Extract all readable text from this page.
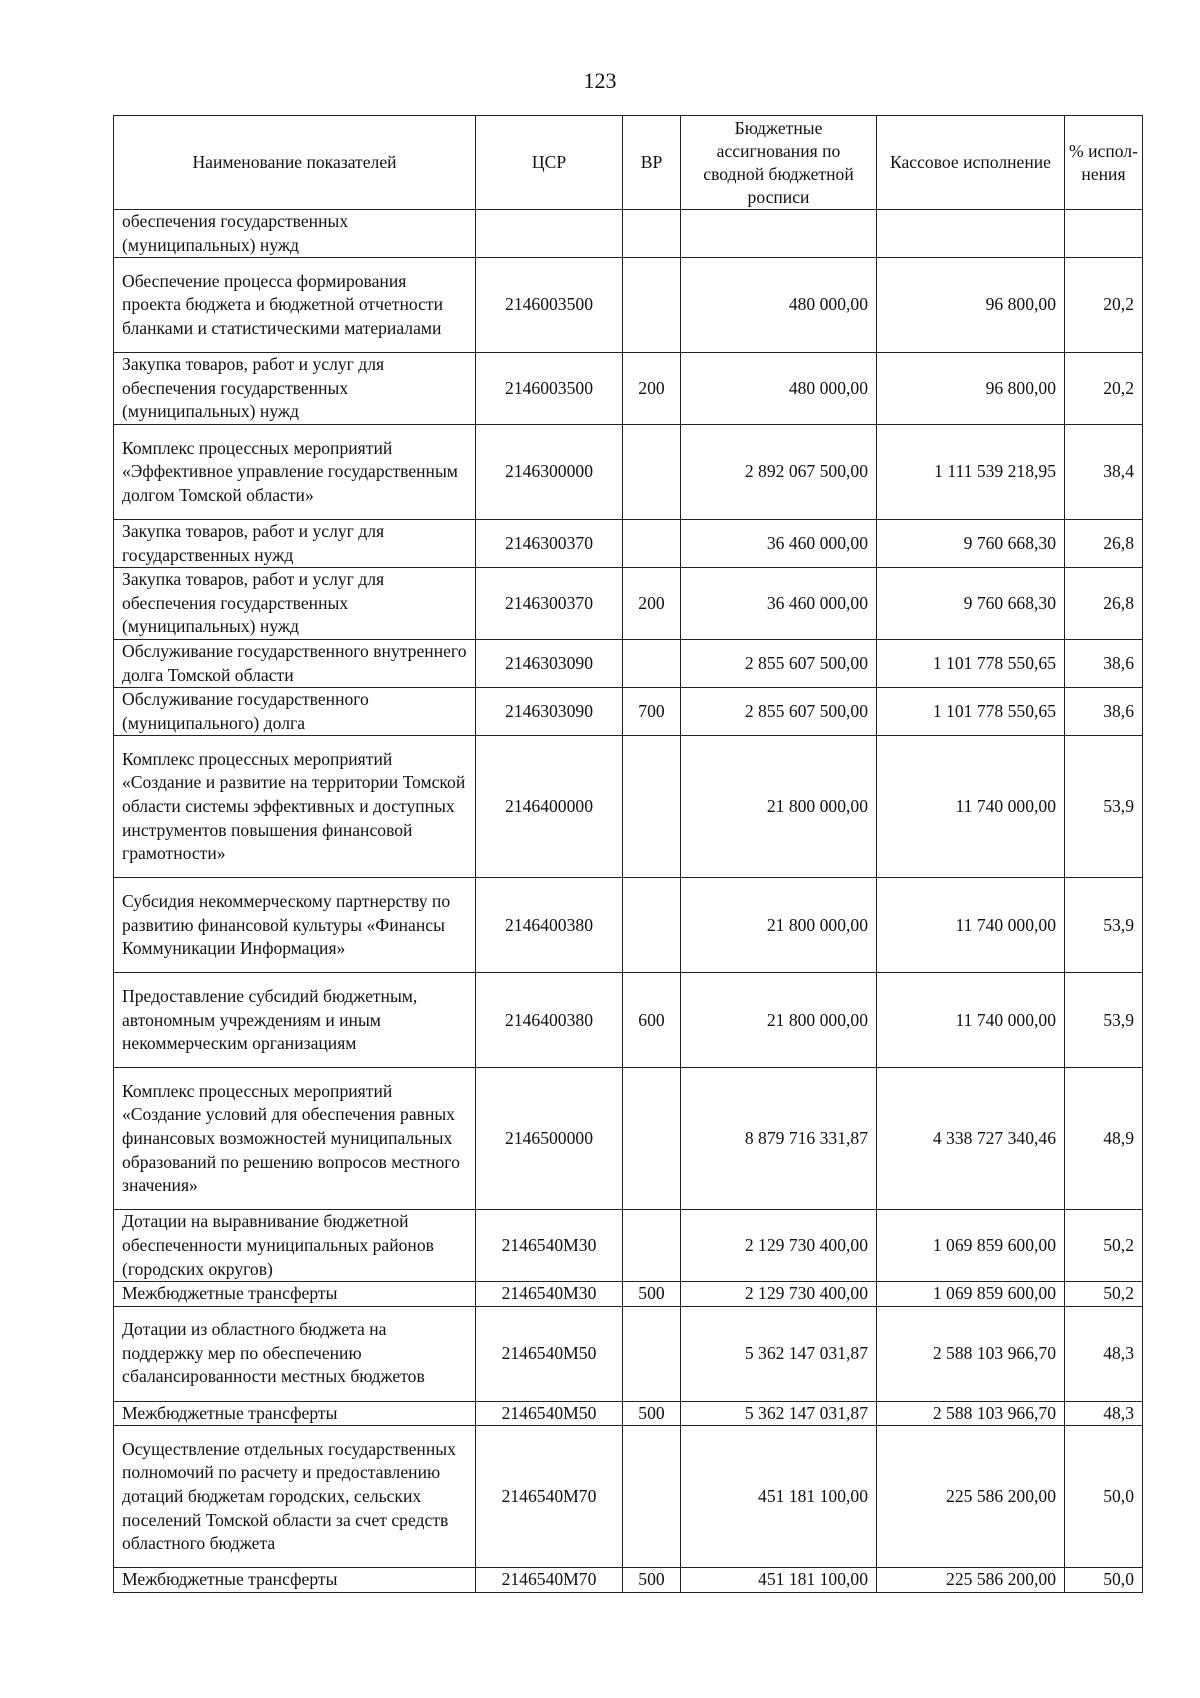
123
Наименование показателей	ЦСР	ВР	Бюджетные ассигнования по сводной бюджетной росписи	Кассовое исполнение	% испол-нения
обеспечения государственных (муниципальных) нужд					
Обеспечение процесса формирования проекта бюджета и бюджетной отчетности бланками и статистическими материалами	2146003500		480 000,00	96 800,00	20,2
Закупка товаров, работ и услуг для обеспечения государственных (муниципальных) нужд	2146003500	200	480 000,00	96 800,00	20,2
Комплекс процессных мероприятий «Эффективное управление государственным долгом Томской области»	2146300000		2 892 067 500,00	1 111 539 218,95	38,4
Закупка товаров, работ и услуг для государственных нужд	2146300370		36 460 000,00	9 760 668,30	26,8
Закупка товаров, работ и услуг для обеспечения государственных (муниципальных) нужд	2146300370	200	36 460 000,00	9 760 668,30	26,8
Обслуживание государственного внутреннего долга Томской области	2146303090		2 855 607 500,00	1 101 778 550,65	38,6
Обслуживание государственного (муниципального) долга	2146303090	700	2 855 607 500,00	1 101 778 550,65	38,6
Комплекс процессных мероприятий «Создание и развитие на территории Томской области системы эффективных и доступных инструментов повышения финансовой грамотности»	2146400000		21 800 000,00	11 740 000,00	53,9
Субсидия некоммерческому партнерству по развитию финансовой культуры «Финансы Коммуникации Информация»	2146400380		21 800 000,00	11 740 000,00	53,9
Предоставление субсидий бюджетным, автономным учреждениям и иным некоммерческим организациям	2146400380	600	21 800 000,00	11 740 000,00	53,9
Комплекс процессных мероприятий «Создание условий для обеспечения равных финансовых возможностей муниципальных образований по решению вопросов местного значения»	2146500000		8 879 716 331,87	4 338 727 340,46	48,9
Дотации на выравнивание бюджетной обеспеченности муниципальных районов (городских округов)	2146540М30		2 129 730 400,00	1 069 859 600,00	50,2
Межбюджетные трансферты	2146540М30	500	2 129 730 400,00	1 069 859 600,00	50,2
Дотации из областного бюджета на поддержку мер по обеспечению сбалансированности местных бюджетов	2146540М50		5 362 147 031,87	2 588 103 966,70	48,3
Межбюджетные трансферты	2146540М50	500	5 362 147 031,87	2 588 103 966,70	48,3
Осуществление отдельных государственных полномочий по расчету и предоставлению дотаций бюджетам городских, сельских поселений Томской области за счет средств областного бюджета	2146540М70		451 181 100,00	225 586 200,00	50,0
Межбюджетные трансферты	2146540М70	500	451 181 100,00	225 586 200,00	50,0
